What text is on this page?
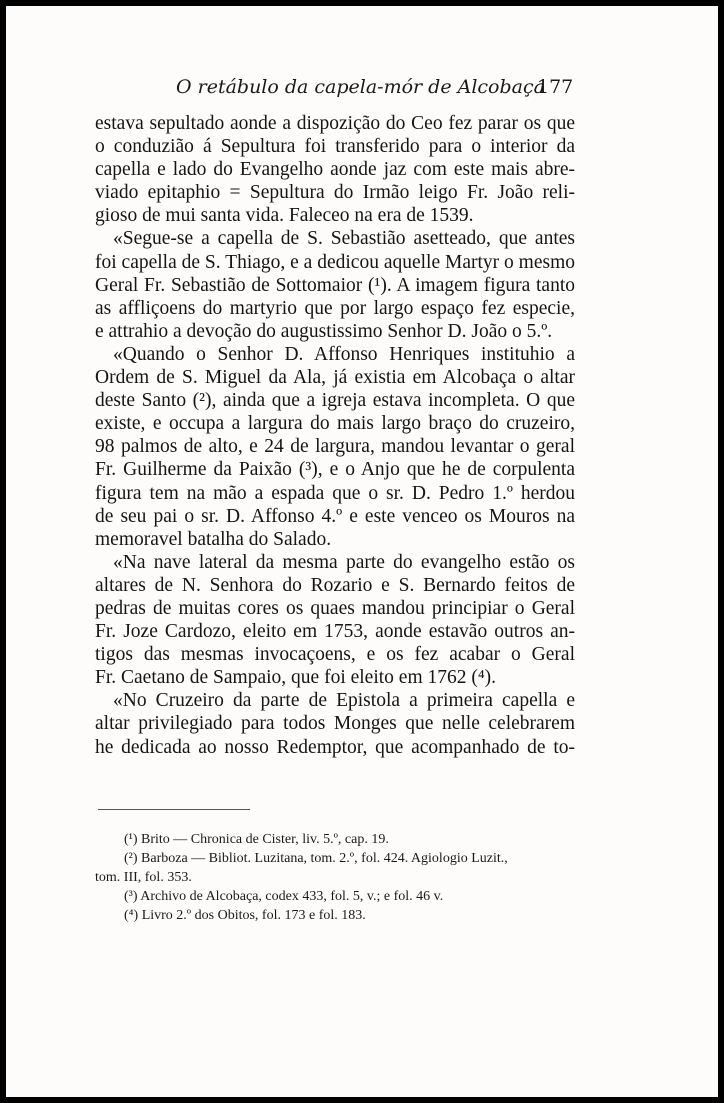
O retábulo da capela-mór de Alcobaça
177
estava sepultado aonde a dispozição do Ceo fez parar os que
o conduzião á Sepultura foi transferido para o interior da
capella e lado do Evangelho aonde jaz com este mais abre-
viado epitaphio = Sepultura do Irmão leigo Fr. João reli-
gioso de mui santa vida. Faleceo na era de 1539.
«Segue-se a capella de S. Sebastião asetteado, que antes
foi capella de S. Thiago, e a dedicou aquelle Martyr o mesmo
Geral Fr. Sebastião de Sottomaior (¹). A imagem figura tanto
as affliçoens do martyrio que por largo espaço fez especie,
e attrahio a devoção do augustissimo Senhor D. João o 5.º.
«Quando o Senhor D. Affonso Henriques instituhio a
Ordem de S. Miguel da Ala, já existia em Alcobaça o altar
deste Santo (²), ainda que a igreja estava incompleta. O que
existe, e occupa a largura do mais largo braço do cruzeiro,
98 palmos de alto, e 24 de largura, mandou levantar o geral
Fr. Guilherme da Paixão (³), e o Anjo que he de corpulenta
figura tem na mão a espada que o sr. D. Pedro 1.º herdou
de seu pai o sr. D. Affonso 4.º e este venceo os Mouros na
memoravel batalha do Salado.
«Na nave lateral da mesma parte do evangelho estão os
altares de N. Senhora do Rozario e S. Bernardo feitos de
pedras de muitas cores os quaes mandou principiar o Geral
Fr. Joze Cardozo, eleito em 1753, aonde estavão outros an-
tigos das mesmas invocaçoens, e os fez acabar o Geral
Fr. Caetano de Sampaio, que foi eleito em 1762 (⁴).
«No Cruzeiro da parte de Epistola a primeira capella e
altar privilegiado para todos Monges que nelle celebrarem
he dedicada ao nosso Redemptor, que acompanhado de to-
(¹) Brito — Chronica de Cister, liv. 5.º, cap. 19.
(²) Barboza — Bibliot. Luzitana, tom. 2.º, fol. 424. Agiologio Luzit.,
tom. III, fol. 353.
(³) Archivo de Alcobaça, codex 433, fol. 5, v.; e fol. 46 v.
(⁴) Livro 2.º dos Obitos, fol. 173 e fol. 183.
